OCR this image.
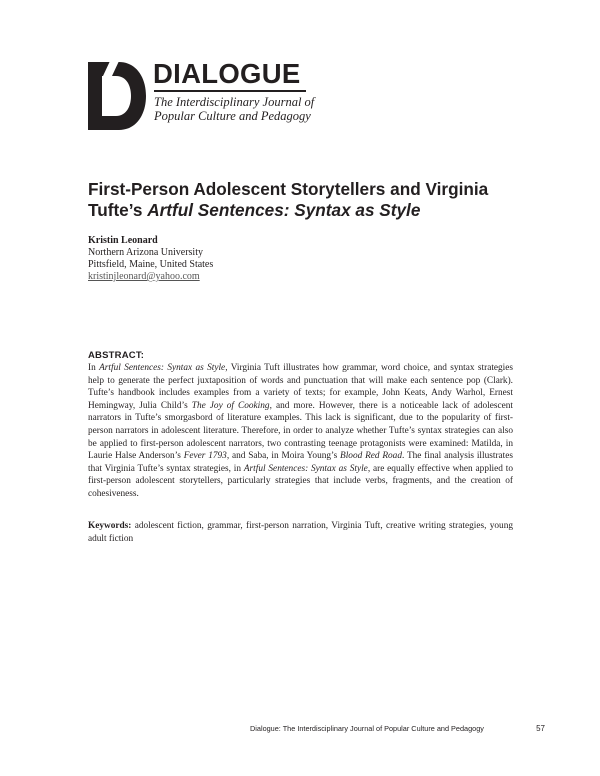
DIALOGUE
The Interdisciplinary Journal of
Popular Culture and Pedagogy
First-Person Adolescent Storytellers and Virginia Tufte’s Artful Sentences: Syntax as Style
Kristin Leonard
Northern Arizona University
Pittsfield, Maine, United States
kristinjleonard@yahoo.com
ABSTRACT:

In Artful Sentences: Syntax as Style, Virginia Tuft illustrates how grammar, word choice, and syntax strategies help to generate the perfect juxtaposition of words and punctuation that will make each sentence pop (Clark). Tufte’s handbook includes examples from a variety of texts; for example, John Keats, Andy Warhol, Ernest Hemingway, Julia Child’s The Joy of Cooking, and more. However, there is a noticeable lack of adolescent narrators in Tufte’s smorgasbord of literature examples. This lack is significant, due to the popularity of first-person narrators in adolescent literature. Therefore, in order to analyze whether Tufte’s syntax strategies can also be applied to first-person adolescent narrators, two contrasting teenage protagonists were examined: Matilda, in Laurie Halse Anderson’s Fever 1793, and Saba, in Moira Young’s Blood Red Road. The final analysis illustrates that Virginia Tufte’s syntax strategies, in Artful Sentences: Syntax as Style, are equally effective when applied to first-person adolescent storytellers, particularly strategies that include verbs, fragments, and the creation of cohesiveness.

Keywords: adolescent fiction, grammar, first-person narration, Virginia Tuft, creative writing strategies, young adult fiction

Dialogue: The Interdisciplinary Journal of Popular Culture and Pedagogy	57
